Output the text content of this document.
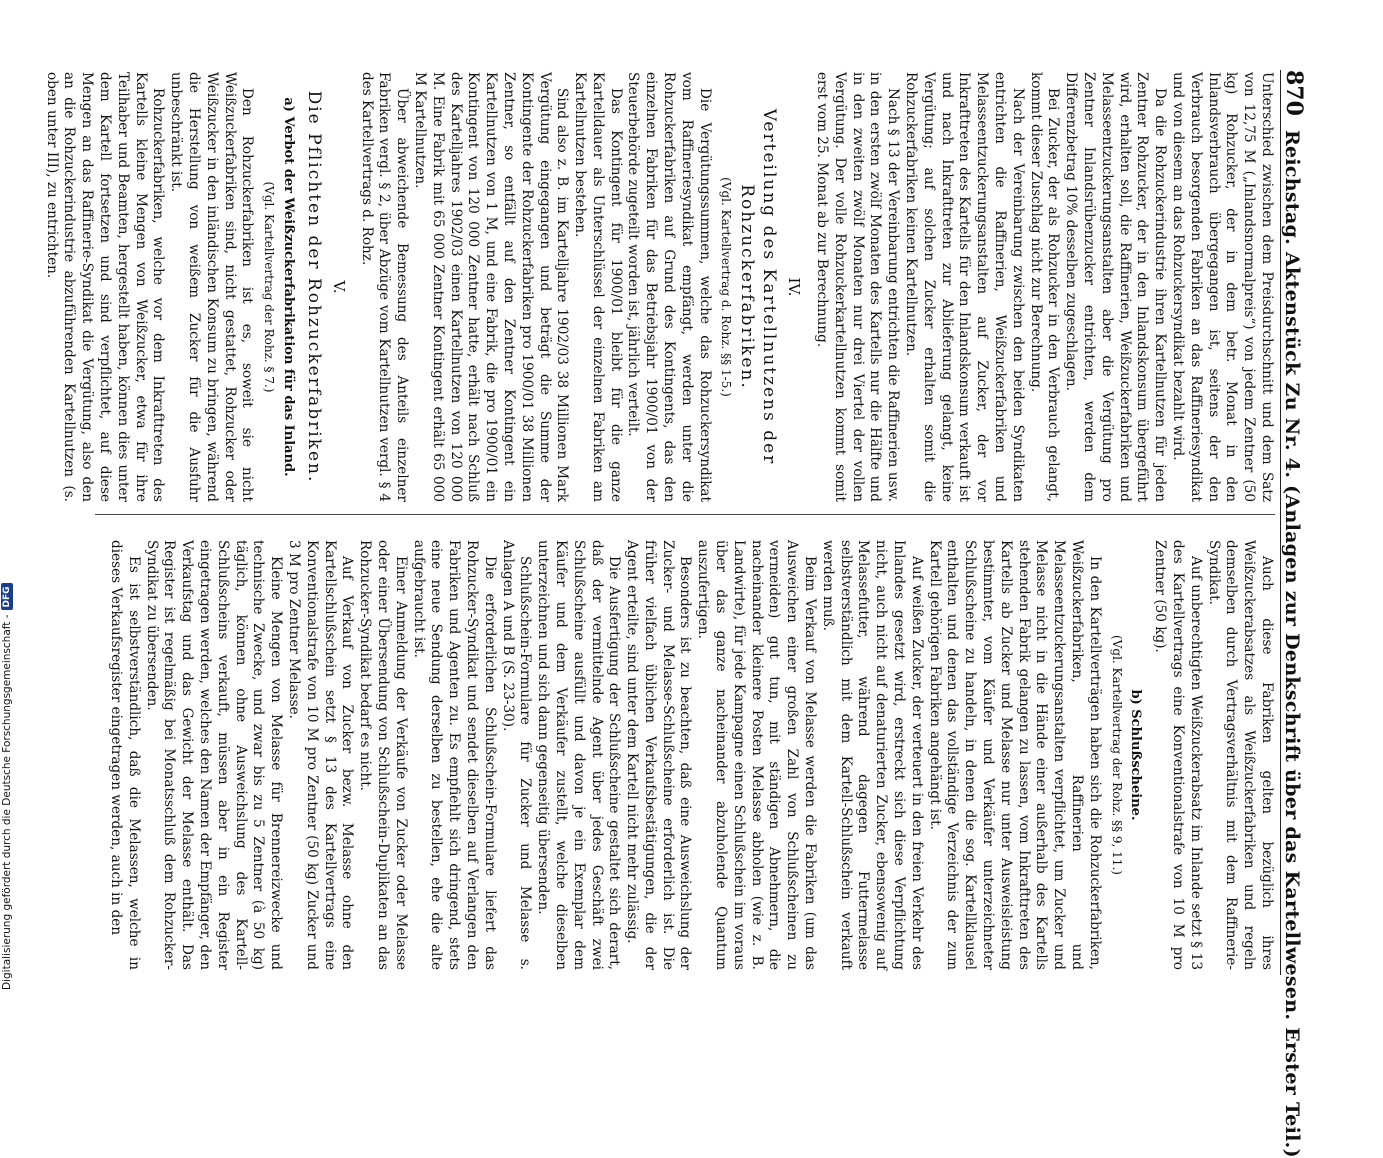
870
Reichstag. Aktenstück Zu Nr. 4. (Anlagen zur Denkschrift über das Kartellwesen. Erster Teil.)

Unterschied zwischen dem Preisdurchschnitt und dem Satz von 12,75 M („Inlandsnormalpreis“) von jedem Zentner (50 kg) Rohzucker, der in dem betr. Monat in den Inlandsverbrauch übergegangen ist, seitens der den Verbrauch besorgenden Fabriken an das Raffineriesyndikat und von diesem an das Rohzuckersyndikat bezahlt wird.

Da die Rohzuckerindustrie ihren Kartellnutzen für jeden Zentner Rohzucker, der in den Inlandskonsum übergeführt wird, erhalten soll, die Raffinerien, Weißzuckerfabriken und Melasseentzuckerungsanstalten aber die Vergütung pro Zentner Inlandsrübenzucker entrichten, werden dem Differenzbetrag 10% desselben zugeschlagen.

Bei Zucker, der als Rohzucker in den Verbrauch gelangt, kommt dieser Zuschlag nicht zur Berechnung.

Nach der Vereinbarung zwischen den beiden Syndikaten entrichten die Raffinerien, Weißzuckerfabriken und Melasseentzuckerungsanstalten auf Zucker, der vor Inkrafttreten des Kartells für den Inlandskonsum verkauft ist und nach Inkrafttreten zur Ablieferung gelangt, keine Vergütung; auf solchen Zucker erhalten somit die Rohzuckerfabriken keinen Kartellnutzen.

Nach § 13 der Vereinbarung entrichten die Raffinerien usw. in den ersten zwölf Monaten des Kartells nur die Hälfte und in den zweiten zwölf Monaten nur drei Viertel der vollen Vergütung. Der volle Rohzuckerkartellnutzen kommt somit erst vom 25. Monat ab zur Berechnung.

IV.

Verteilung des Kartellnutzens der Rohzuckerfabriken.

(Vgl. Kartellvertrag d. Rohz. §§ 1-5.)

Die Vergütungssummen, welche das Rohzuckersyndikat vom Raffineriesyndikat empfängt, werden unter die Rohzuckerfabriken auf Grund des Kontingents, das den einzelnen Fabriken für das Betriebsjahr 1900/01 von der Steuerbehörde zugeteilt worden ist, jährlich verteilt.

Das Kontingent für 1900/01 bleibt für die ganze Kartelldauer als Unterschlüssel der einzelnen Fabriken am Kartellnutzen bestehen.

Sind also z. B. im Kartelljahre 1902/03 38 Millionen Mark Vergütung eingegangen und beträgt die Summe der Kontingente der Rohzuckerfabriken pro 1900/01 38 Millionen Zentner, so entfällt auf den Zentner Kontingent ein Kartellnutzen von 1 M, und eine Fabrik, die pro 1900/01 ein Kontingent von 120 000 Zentner hatte, erhält nach Schluß des Kartelljahres 1902/03 einen Kartellnutzen von 120 000 M. Eine Fabrik mit 65 000 Zentner Kontingent erhält 65 000 M Kartellnutzen.

Über abweichende Bemessung des Anteils einzelner Fabriken vergl. § 2, über Abzüge vom Kartellnutzen vergl. § 4 des Kartellvertrags d. Rohz.

V.

Die Pflichten der Rohzuckerfabriken.

a) Verbot der Weißzuckerfabrikation für das Inland.

(Vgl. Kartellvertrag der Rohz. § 7.)

Den Rohzuckerfabriken ist es, soweit sie nicht Weißzuckerfabriken sind, nicht gestattet, Rohzucker oder Weißzucker in den inländischen Konsum zu bringen, während die Herstellung von weißem Zucker für die Ausfuhr unbeschränkt ist.

Rohzuckerfabriken, welche vor dem Inkrafttreten des Kartells kleine Mengen von Weißzucker, etwa für ihre Teilhaber und Beamten, hergestellt haben, können dies unter dem Kartell fortsetzen und sind verpflichtet, auf diese Mengen an das Raffinerie-Syndikat die Vergütung, also den an die Rohzuckerindustrie abzuführenden Kartellnutzen (s. oben unter III), zu entrichten.

Auch diese Fabriken gelten bezüglich ihres Weißzuckerabsatzes als Weißzuckerfabriken und regeln demselben durch Vertragsverhältnis mit dem Raffinerie-Syndikat.

Auf unberechtigten Weißzuckerabsatz im Inlande setzt § 13 des Kartellvertrags eine Konventionalstrafe von 10 M pro Zentner (50 kg).

b) Schlußscheine.

(Vgl. Kartellvertrag der Rohz. §§ 9, 11.)

In den Kartellverträgen haben sich die Rohzuckerfabriken, Weißzuckerfabriken, Raffinerien und Melasseentzuckerungsanstalten verpflichtet, um Zucker und Melasse nicht in die Hände einer außerhalb des Kartells stehenden Fabrik gelangen zu lassen, vom Inkrafttreten des Kartells ab Zucker und Melasse nur unter Ausweisleistung bestimmter, vom Käufer und Verkäufer unterzeichneter Schlußscheine zu handeln, in denen die sog. Kartellklausel enthalten und denen das vollständige Verzeichnis der zum Kartell gehörigen Fabriken angehängt ist.

Auf weißen Zucker, der verteuert in den freien Verkehr des Inlandes gesetzt wird, erstreckt sich diese Verpflichtung nicht, auch nicht auf denaturierten Zucker, ebensowenig auf Melassefutter, während dagegen Futtermelasse selbstverständlich mit dem Kartell-Schlußschein verkauft werden muß.

Beim Verkauf von Melasse werden die Fabriken (um das Ausweichen einer großen Zahl von Schlußscheinen zu vermeiden) gut tun, mit ständigen Abnehmern, die nacheinander kleinere Posten Melasse abholen (wie z. B. Landwirte), für jede Kampagne einen Schlußschein im voraus über das ganze nacheinander abzuholende Quantum auszufertigen.

Besonders ist zu beachten, daß eine Ausweichslung der Zucker- und Melasse-Schlußscheine erforderlich ist. Die früher vielfach üblichen Verkaufsbestätigungen, die der Agent erteilte, sind unter dem Kartell nicht mehr zulässig.

Die Ausfertigung der Schlußscheine gestaltet sich derart, daß der vermittelnde Agent über jedes Geschäft zwei Schlußscheine ausfüllt und davon je ein Exemplar dem Käufer und dem Verkäufer zustellt, welche dieselben unterzeichnen und sich dann gegenseitig übersenden.

Schlußschein-Formulare für Zucker und Melasse s. Anlagen A und B (S. 23-30).

Die erforderlichen Schlußschein-Formulare liefert das Rohzucker-Syndikat und sendet dieselben auf Verlangen den Fabriken und Agenten zu. Es empfiehlt sich dringend, stets eine neue Sendung derselben zu bestellen, ehe die alte aufgebraucht ist.

Einer Anmeldung der Verkäufe von Zucker oder Melasse oder einer Übersendung von Schlußschein-Duplikaten an das Rohzucker-Syndikat bedarf es nicht.

Auf Verkauf von Zucker bezw. Melasse ohne den Kartellschlußschein setzt § 13 des Kartellvertrags eine Konventionalstrafe von 10 M pro Zentner (50 kg) Zucker und 3 M pro Zentner Melasse.

Kleine Mengen von Melasse für Brennereizwecke und technische Zwecke, und zwar bis zu 5 Zentner (à 50 kg) täglich, können ohne Ausweichslung des Kartell-Schlußscheins verkauft, müssen aber in ein Register eingetragen werden, welches den Namen der Empfänger, den Verkaufstag und das Gewicht der Melasse enthält. Das Register ist regelmäßig bei Monatsschluß dem Rohzucker-Syndikat zu übersenden.

Es ist selbstverständlich, daß die Melassen, welche in dieses Verkaufsregister eingetragen werden, auch in den

Digitalisierung gefördert durch die Deutsche Forschungsgemeinschaft -
DFG
